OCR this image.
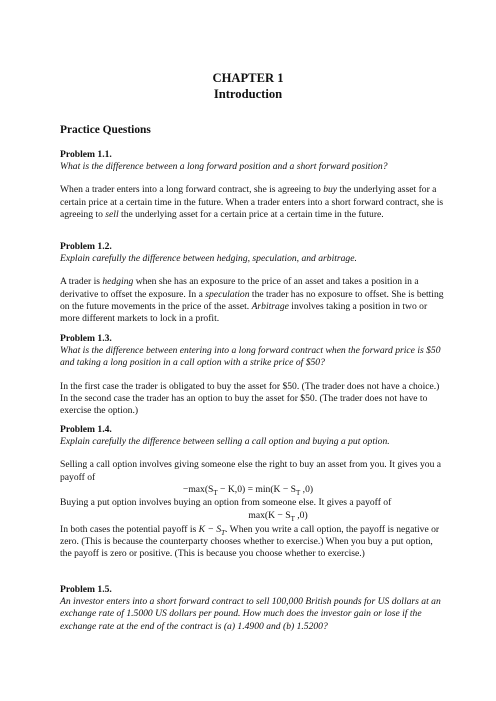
CHAPTER 1
Introduction
Practice Questions

Problem 1.1.

What is the difference between a long forward position and a short forward position?

When a trader enters into a long forward contract, she is agreeing to buy the underlying asset for a certain price at a certain time in the future. When a trader enters into a short forward contract, she is agreeing to sell the underlying asset for a certain price at a certain time in the future.

Problem 1.2.

Explain carefully the difference between hedging, speculation, and arbitrage.

A trader is hedging when she has an exposure to the price of an asset and takes a position in a derivative to offset the exposure. In a speculation the trader has no exposure to offset. She is betting on the future movements in the price of the asset. Arbitrage involves taking a position in two or more different markets to lock in a profit.

Problem 1.3.

What is the difference between entering into a long forward contract when the forward price is $50 and taking a long position in a call option with a strike price of $50?

In the first case the trader is obligated to buy the asset for $50. (The trader does not have a choice.) In the second case the trader has an option to buy the asset for $50. (The trader does not have to exercise the option.)

Problem 1.4.

Explain carefully the difference between selling a call option and buying a put option.

Selling a call option involves giving someone else the right to buy an asset from you. It gives you a payoff of

$-\max(S_T - K,0) = \min(K - S_T$ ,0)
Buying a put option involves buying an option from someone else. It gives a payoff of
$\max(K - S_T$ ,0)
In both cases the potential payoff is $K - S_T$. When you write a call option, the payoff is negative or zero. (This is because the counterparty chooses whether to exercise.) When you buy a put option, the payoff is zero or positive. (This is because you choose whether to exercise.)

Problem 1.5.

An investor enters into a short forward contract to sell 100,000 British pounds for US dollars at an exchange rate of 1.5000 US dollars per pound. How much does the investor gain or lose if the exchange rate at the end of the contract is (a) 1.4900 and (b) 1.5200?
